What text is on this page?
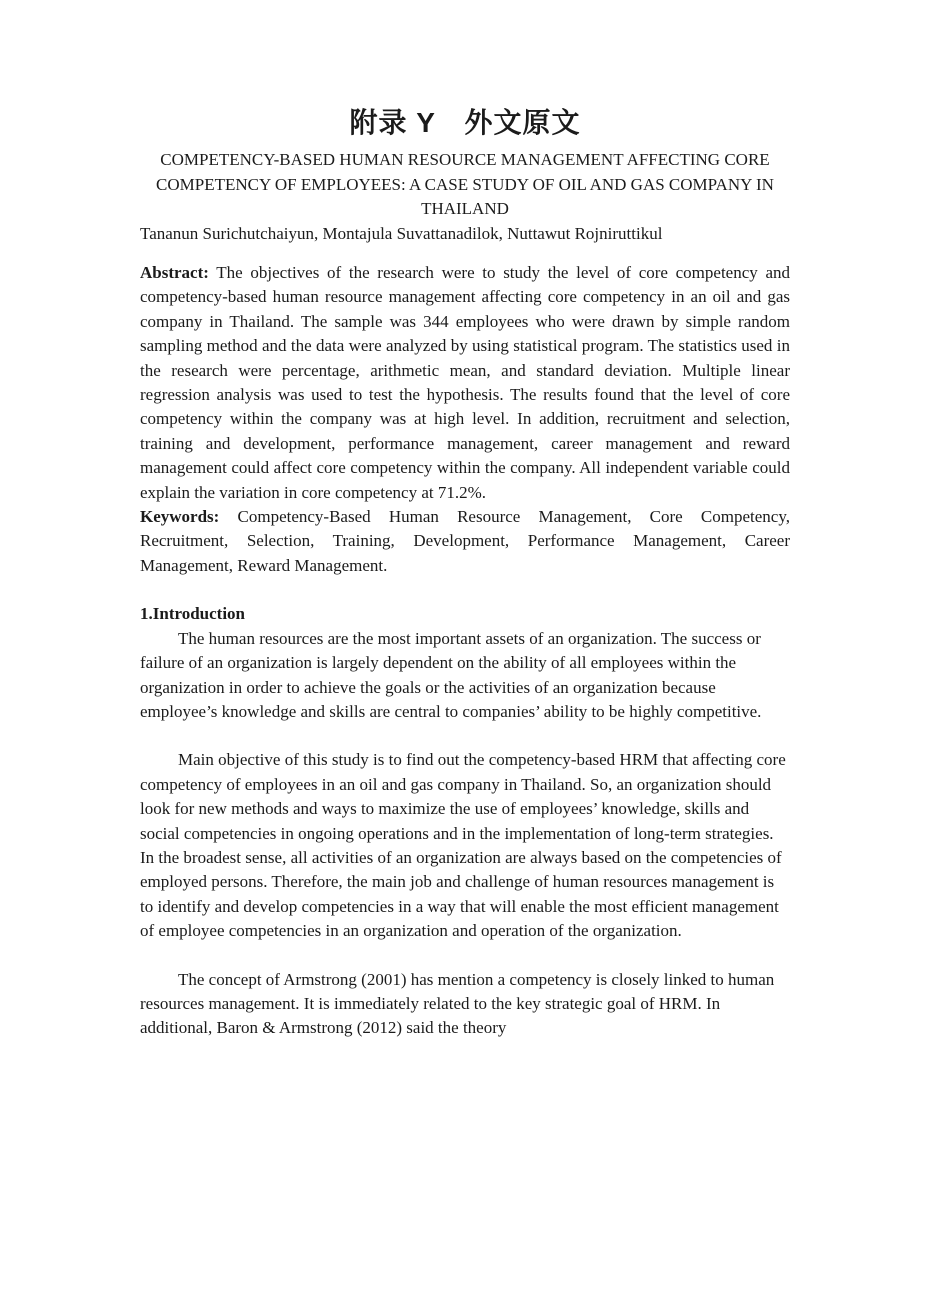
附录 Y　外文原文
COMPETENCY-BASED HUMAN RESOURCE MANAGEMENT AFFECTING CORE
COMPETENCY OF EMPLOYEES: A CASE STUDY OF OIL AND GAS COMPANY IN
THAILAND

Tananun Surichutchaiyun, Montajula Suvattanadilok, Nuttawut Rojniruttikul

Abstract: The objectives of the research were to study the level of core competency and competency-based human resource management affecting core competency in an oil and gas company in Thailand. The sample was 344 employees who were drawn by simple random sampling method and the data were analyzed by using statistical program. The statistics used in the research were percentage, arithmetic mean, and standard deviation. Multiple linear regression analysis was used to test the hypothesis. The results found that the level of core competency within the company was at high level. In addition, recruitment and selection, training and development, performance management, career management and reward management could affect core competency within the company. All independent variable could explain the variation in core competency at 71.2%.

Keywords: Competency-Based Human Resource Management, Core Competency, Recruitment, Selection, Training, Development, Performance Management, Career Management, Reward Management.

1.Introduction

The human resources are the most important assets of an organization. The success or failure of an organization is largely dependent on the ability of all employees within the organization in order to achieve the goals or the activities of an organization because employee’s knowledge and skills are central to companies’ ability to be highly competitive.

Main objective of this study is to find out the competency-based HRM that affecting core competency of employees in an oil and gas company in Thailand. So, an organization should look for new methods and ways to maximize the use of employees’ knowledge, skills and social competencies in ongoing operations and in the implementation of long-term strategies. In the broadest sense, all activities of an organization are always based on the competencies of employed persons. Therefore, the main job and challenge of human resources management is to identify and develop competencies in a way that will enable the most efficient management of employee competencies in an organization and operation of the organization.

The concept of Armstrong (2001) has mention a competency is closely linked to human resources management. It is immediately related to the key strategic goal of HRM. In additional, Baron & Armstrong (2012) said the theory
